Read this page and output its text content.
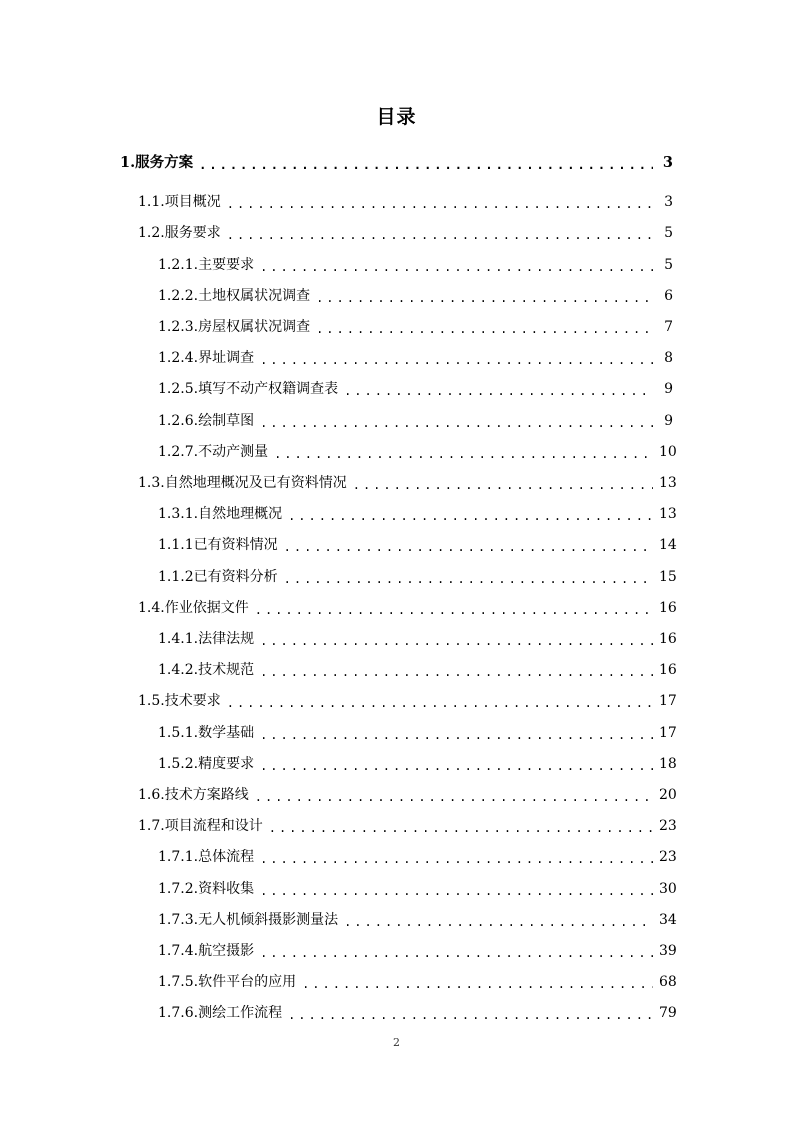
目录
1. 服务方案 .....	3
1.1. 项目概况 .....	3
1.2. 服务要求 .....	5
1.2.1. 主要要求 .....	5
1.2.2. 土地权属状况调查 .....	6
1.2.3. 房屋权属状况调查 .....	7
1.2.4. 界址调查 .....	8
1.2.5. 填写不动产权籍调查表 .....	9
1.2.6. 绘制草图 .....	9
1.2.7. 不动产测量 .....	10
1.3. 自然地理概况及已有资料情况 .....	13
1.3.1. 自然地理概况 .....	13
1.1.1 已有资料情况 .....	14
1.1.2 已有资料分析 .....	15
1.4. 作业依据文件 .....	16
1.4.1. 法律法规 .....	16
1.4.2. 技术规范 .....	16
1.5. 技术要求 .....	17
1.5.1. 数学基础 .....	17
1.5.2. 精度要求 .....	18
1.6. 技术方案路线 .....	20
1.7. 项目流程和设计 .....	23
1.7.1. 总体流程 .....	23
1.7.2. 资料收集 .....	30
1.7.3. 无人机倾斜摄影测量法 .....	34
1.7.4. 航空摄影 .....	39
1.7.5. 软件平台的应用 .....	68
1.7.6. 测绘工作流程 .....	79
2
